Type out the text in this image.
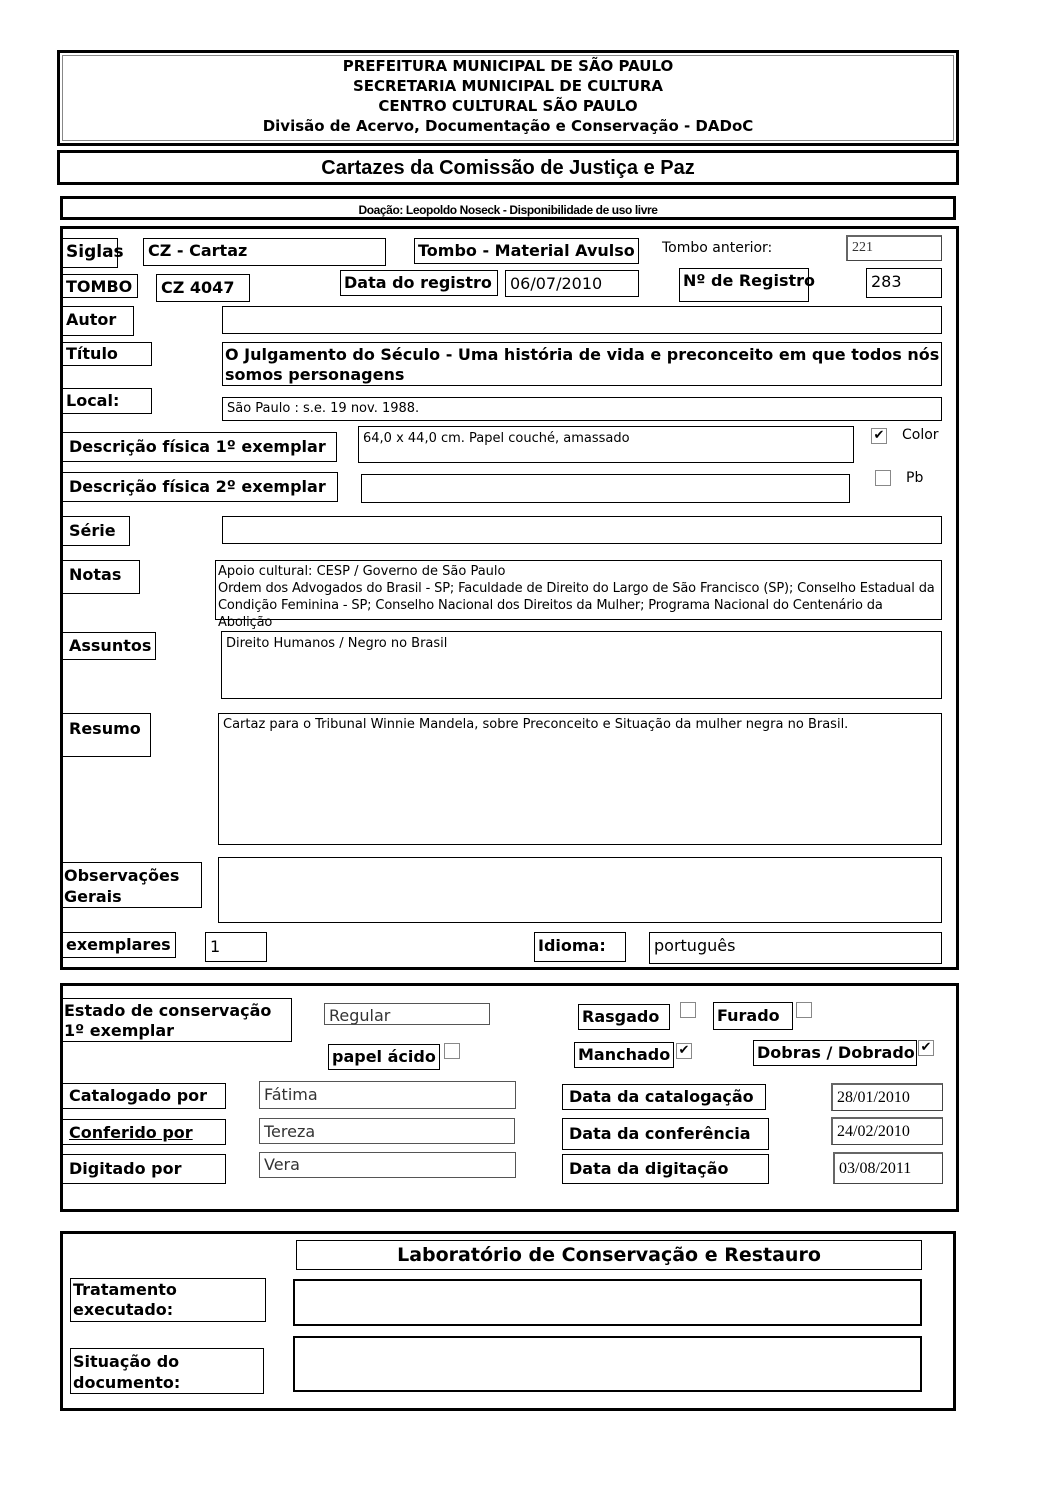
PREFEITURA MUNICIPAL DE SÃO PAULO
SECRETARIA MUNICIPAL DE CULTURA
CENTRO CULTURAL SÃO PAULO
Divisão de Acervo, Documentação e Conservação - DADoC
Cartazes da Comissão de Justiça e Paz
Doação: Leopoldo Noseck - Disponibilidade de uso livre
Siglas	CZ - Cartaz	Tombo - Material Avulso	Tombo anterior:	221
TOMBO	CZ 4047	Data do registro	06/07/2010	Nº de Registro	283
Autor
Título	O Julgamento do Século - Uma história de vida e preconceito em que todos nós
somos personagens
Local:	São Paulo : s.e. 19 nov. 1988.
Descrição física 1º exemplar	64,0 x 44,0 cm. Papel couché, amassado	✔ Color
Descrição física 2º exemplar	Pb
Série
Notas	Apoio cultural: CESP / Governo de São Paulo
Ordem dos Advogados do Brasil - SP; Faculdade de Direito do Largo de São Francisco (SP); Conselho Estadual da
Condição Feminina - SP; Conselho Nacional dos Direitos da Mulher; Programa Nacional do Centenário da Abolição
Assuntos	Direito Humanos / Negro no Brasil
Resumo	Cartaz para o Tribunal Winnie Mandela, sobre Preconceito e Situação da mulher negra no Brasil.
Observações
Gerais
exemplares	1	Idioma:	português
Estado de conservação
1º exemplar
Regular	Rasgado	Furado
papel ácido	Manchado ✔	Dobras / Dobrado ✔
Catalogado por	Fátima	Data da catalogação	28/01/2010
Conferido por	Tereza	Data da conferência	24/02/2010
Digitado por	Vera	Data da digitação	03/08/2011
Laboratório de Conservação e Restauro
Tratamento
executado:
Situação do
documento:
